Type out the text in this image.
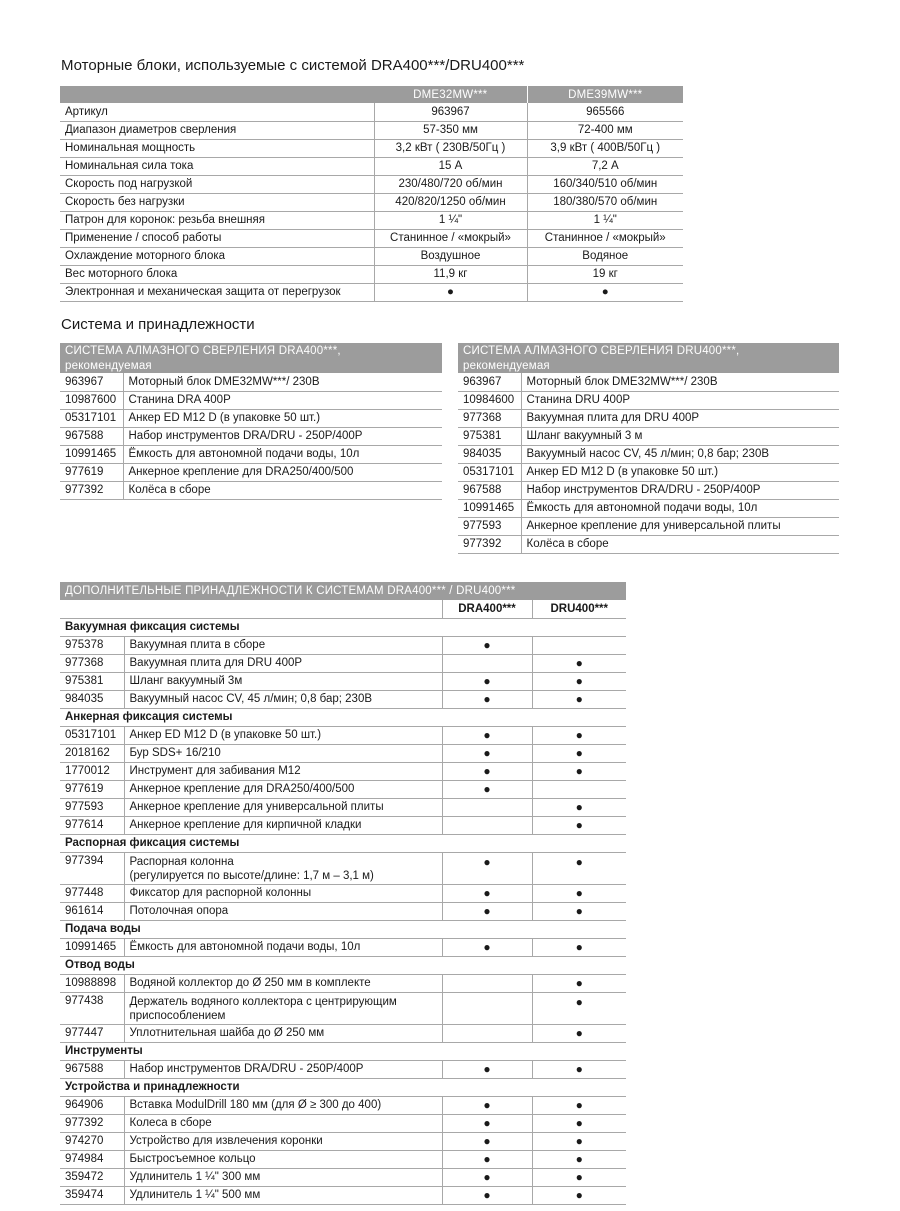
Моторные блоки, используемые с системой DRA400***/DRU400***
	DME32MW***	DME39MW***
Артикул	963967	965566
Диапазон диаметров сверления	57-350 мм	72-400 мм
Номинальная мощность	3,2 кВт ( 230В/50Гц )	3,9 кВт ( 400В/50Гц )
Номинальная сила тока	15 А	7,2 А
Скорость под нагрузкой	230/480/720 об/мин	160/340/510 об/мин
Скорость без нагрузки	420/820/1250 об/мин	180/380/570 об/мин
Патрон для коронок: резьба внешняя	1 ¼"	1 ¼"
Применение / способ работы	Станинное / «мокрый»	Станинное / «мокрый»
Охлаждение моторного блока	Воздушное	Водяное
Вес моторного блока	11,9 кг	19 кг
Электронная и механическая защита от перегрузок	●	●
Система и принадлежности
СИСТЕМА АЛМАЗНОГО СВЕРЛЕНИЯ DRA400***,	
рекомендуемая	
963967	Моторный блок DME32MW***/ 230В
10987600	Станина DRA 400P
05317101	Анкер ED M12 D (в упаковке 50 шт.)
967588	Набор инструментов DRA/DRU - 250P/400P
10991465	Ёмкость для автономной подачи воды, 10л
977619	Анкерное крепление для DRA250/400/500
977392	Колёса в сборе
СИСТЕМА АЛМАЗНОГО СВЕРЛЕНИЯ DRU400***,	
рекомендуемая	
963967	Моторный блок DME32MW***/ 230В
10984600	Станина DRU 400P
977368	Вакуумная плита для DRU 400P
975381	Шланг вакуумный 3 м
984035	Вакуумный насос CV, 45 л/мин; 0,8 бар; 230В
05317101	Анкер ED M12 D (в упаковке 50 шт.)
967588	Набор инструментов DRA/DRU - 250P/400P
10991465	Ёмкость для автономной подачи воды, 10л
977593	Анкерное крепление для универсальной плиты
977392	Колёса в сборе
ДОПОЛНИТЕЛЬНЫЕ ПРИНАДЛЕЖНОСТИ К СИСТЕМАМ DRA400*** / DRU400***			
		DRA400***	DRU400***
Вакуумная фиксация системы			
975378	Вакуумная плита в сборе	●	
977368	Вакуумная плита для DRU 400P		●
975381	Шланг вакуумный 3м	●	●
984035	Вакуумный насос CV, 45 л/мин; 0,8 бар; 230В	●	●
Анкерная фиксация системы			
05317101	Анкер ED M12 D (в упаковке 50 шт.)	●	●
2018162	Бур SDS+ 16/210	●	●
1770012	Инструмент для забивания M12	●	●
977619	Анкерное крепление для DRA250/400/500	●	
977593	Анкерное крепление для универсальной плиты		●
977614	Анкерное крепление для кирпичной кладки		●
Распорная фиксация системы			
977394	Распорная колонна
(регулируется по высоте/длине: 1,7 м – 3,1 м)	●	●
977448	Фиксатор для распорной колонны	●	●
961614	Потолочная опора	●	●
Подача воды			
10991465	Ёмкость для автономной подачи воды, 10л	●	●
Отвод воды			
10988898	Водяной коллектор до Ø 250 мм в комплекте		●
977438	Держатель водяного коллектора с центрирующим
приспособлением		●
977447	Уплотнительная шайба до Ø 250 мм		●
Инструменты			
967588	Набор инструментов DRA/DRU - 250P/400P	●	●
Устройства и принадлежности			
964906	Вставка ModulDrill 180 мм (для Ø ≥ 300 до 400)	●	●
977392	Колеса в сборе	●	●
974270	Устройство для извлечения коронки	●	●
974984	Быстросъемное кольцо	●	●
359472	Удлинитель 1 ¼" 300 мм	●	●
359474	Удлинитель 1 ¼" 500 мм	●	●
